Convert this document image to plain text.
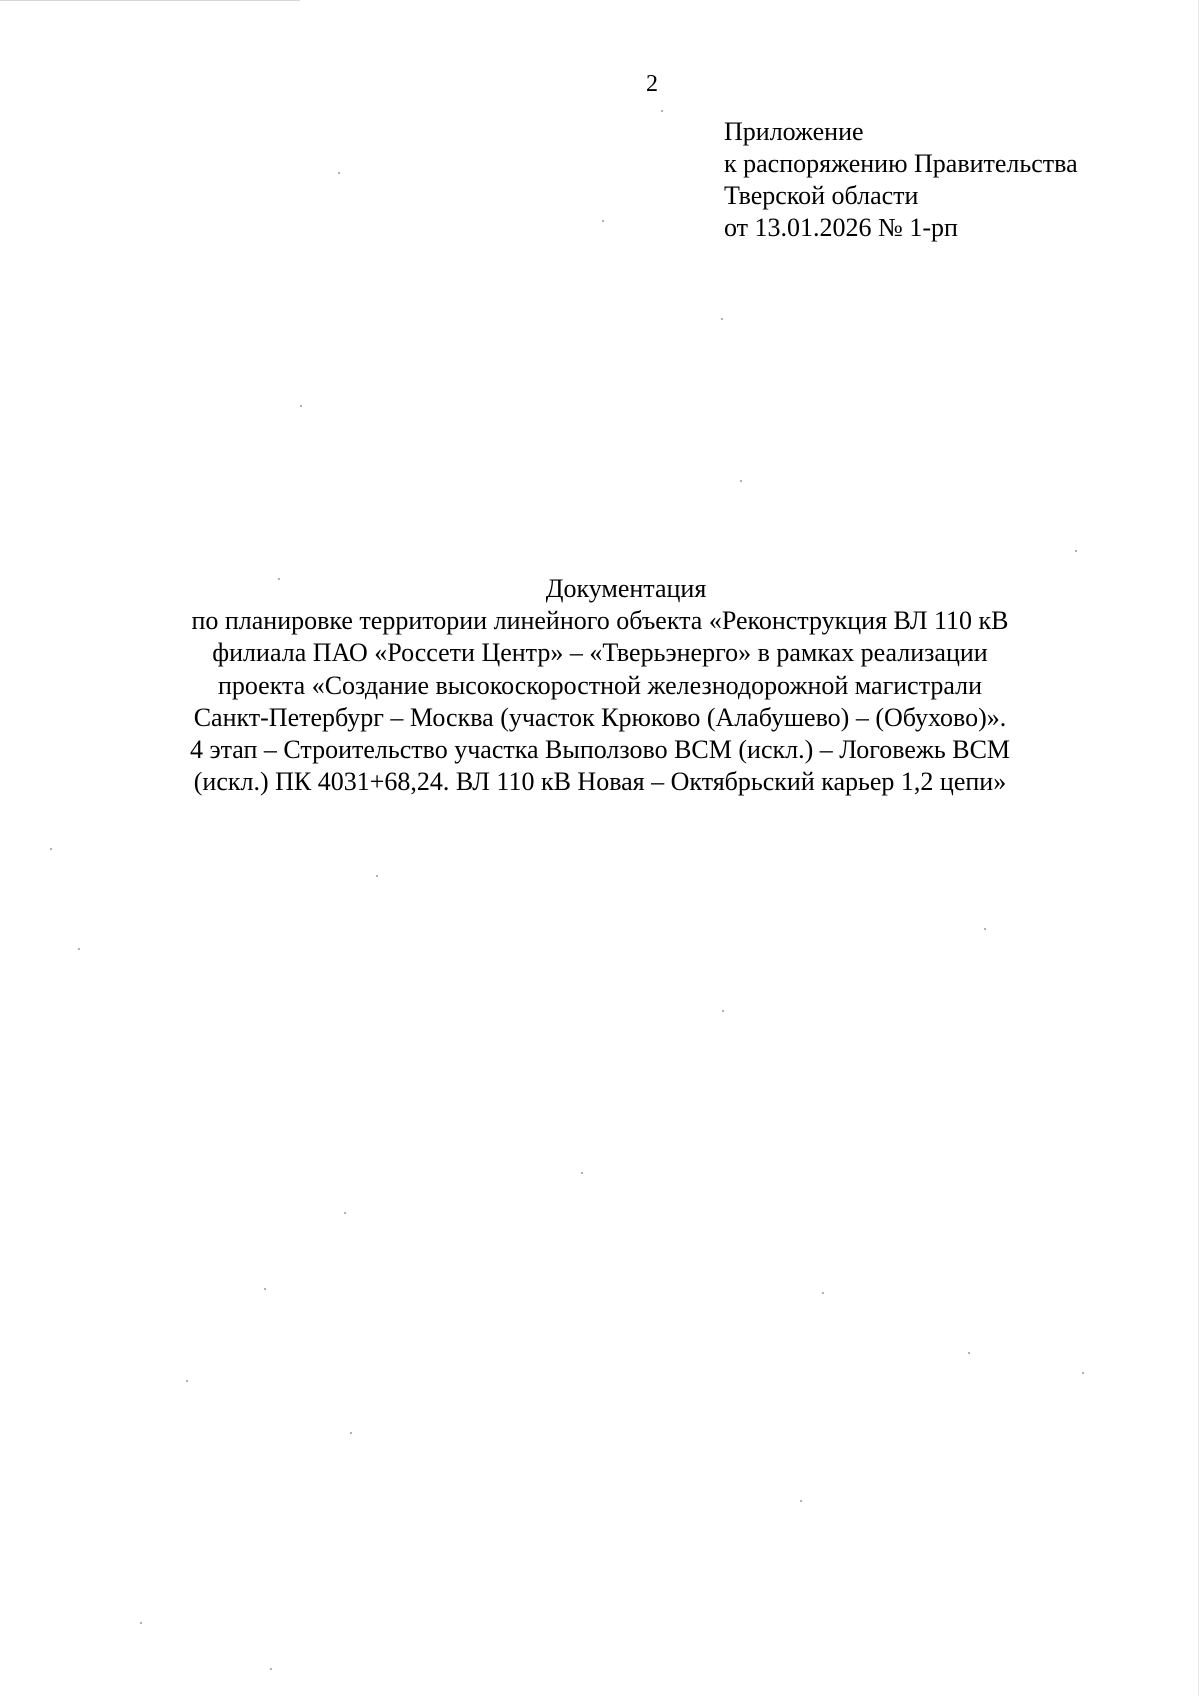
2
Приложение
к распоряжению Правительства
Тверской области
от 13.01.2026 № 1-рп
Документация
по планировке территории линейного объекта «Реконструкция ВЛ 110 кВ
филиала ПАО «Россети Центр» – «Тверьэнерго» в рамках реализации
проекта «Создание высокоскоростной железнодорожной магистрали
Санкт-Петербург – Москва (участок Крюково (Алабушево) – (Обухово)».
4 этап – Строительство участка Выползово ВСМ (искл.) – Логовежь ВСМ
(искл.) ПК 4031+68,24. ВЛ 110 кВ Новая – Октябрьский карьер 1,2 цепи»
